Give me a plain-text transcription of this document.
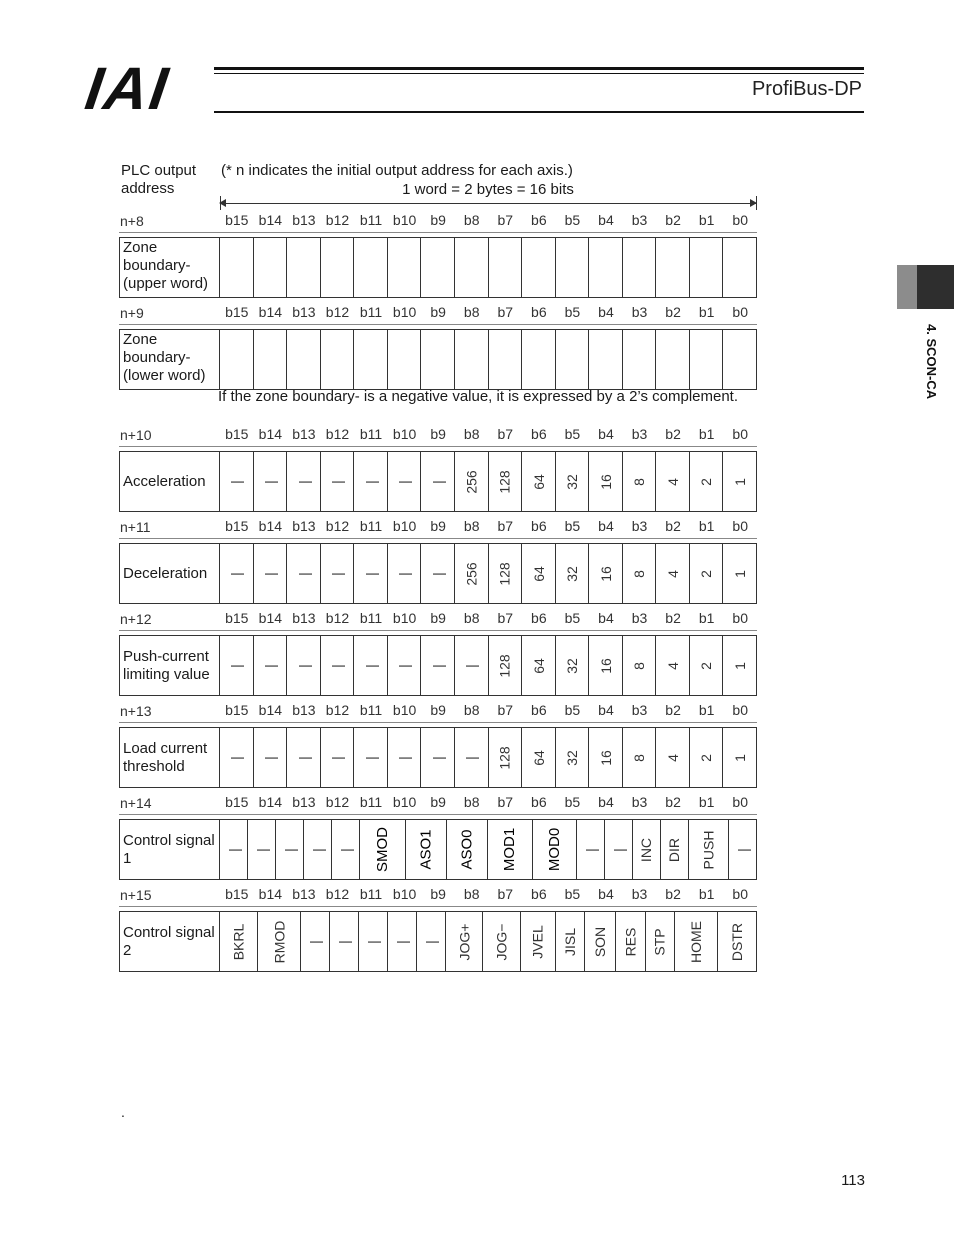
IAI	ProfiBus-DP
4. SCON-CA
PLC output
address
(* n indicates the initial output address for each axis.)
1 word = 2 bytes = 16 bits
n+8	b15 b14 b13 b12 b11 b10	b9	b8	b7	b6	b5	b4	b3	b2	b1	b0
Zone boundary- (upper word)
n+9	b15 b14 b13 b12 b11 b10	b9	b8	b7	b6	b5	b4	b3	b2	b1	b0
Zone boundary- (lower word)
n+10	b15 b14 b13 b12 b11 b10	b9	b8	b7	b6	b5	b4	b3	b2	b1	b0
Acceleration	| | | | | | | 256 128 64 32 16 8 4 2 1
n+11	b15 b14 b13 b12 b11 b10	b9	b8	b7	b6	b5	b4	b3	b2	b1	b0
Deceleration	| | | | | | | 256 128 64 32 16 8 4 2 1
n+12	b15 b14 b13 b12 b11 b10	b9	b8	b7	b6	b5	b4	b3	b2	b1	b0
Push-current limiting value	| | | | | | | | 128 64 32 16 8 4 2 1
n+13	b15 b14 b13 b12 b11 b10	b9	b8	b7	b6	b5	b4	b3	b2	b1	b0
Load current threshold	| | | | | | | | 128 64 32 16 8 4 2 1
n+14	b15 b14 b13 b12 b11 b10	b9	b8	b7	b6	b5	b4	b3	b2	b1	b0
Control signal 1	| | | | | SMOD ASO1 ASO0 MOD1 MOD0 | | INC DIR PUSH |
n+15	b15 b14 b13 b12 b11 b10	b9	b8	b7	b6	b5	b4	b3	b2	b1	b0
Control signal 2	BKRL RMOD | | | | | JOG+ JOG− JVEL JISL SON RES STP HOME DSTR
If the zone boundary- is a negative value, it is expressed by a 2’s complement.
.
113
